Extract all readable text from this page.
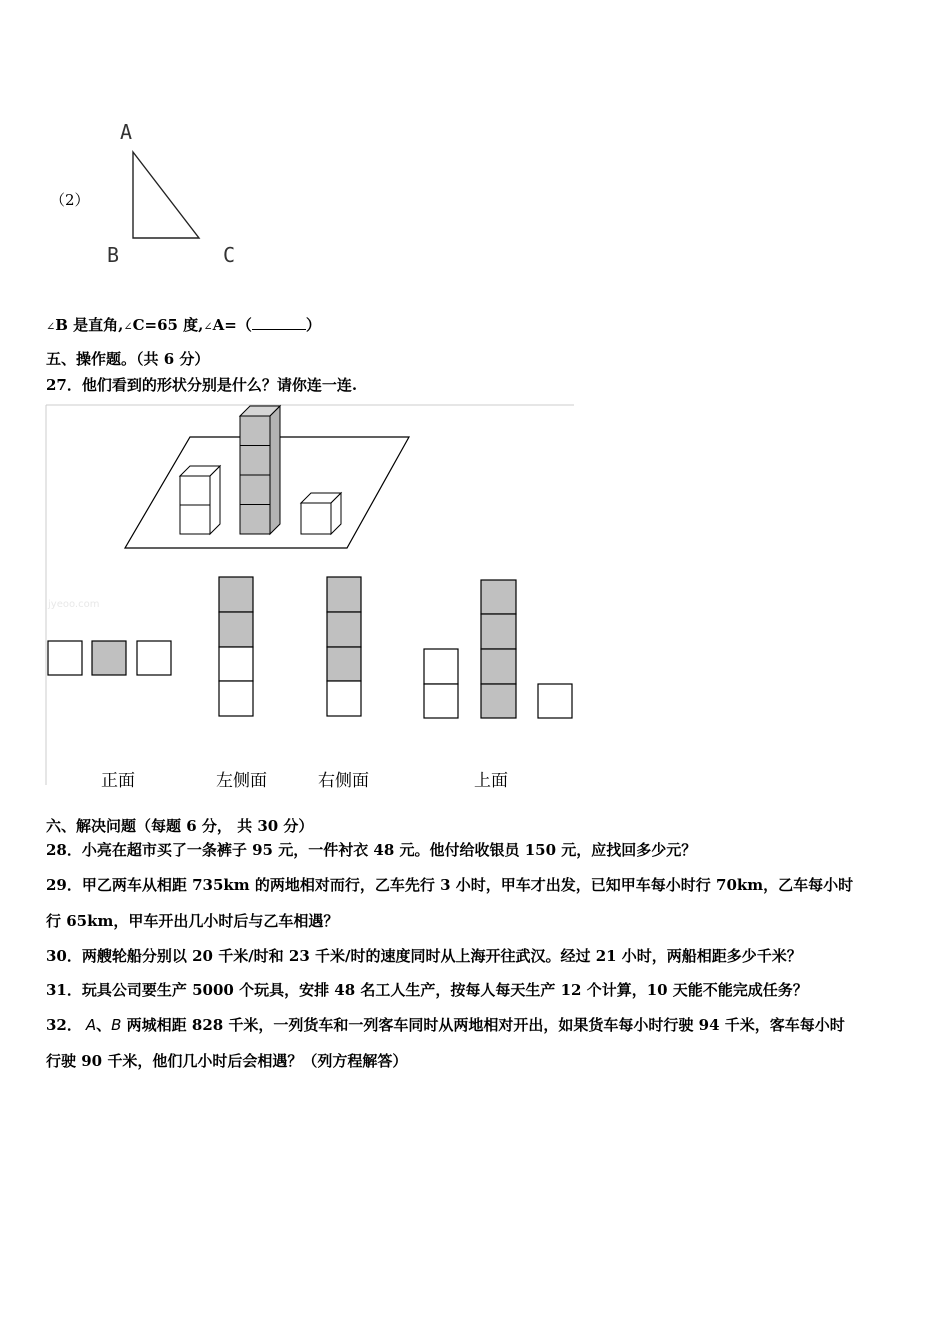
（2）
A
B	C
∠B 是直角,∠C=65 度,∠A=（	）
五、操作题。（共 6 分）
27．他们看到的形状分别是什么？请你连一连.
jyeoo.com
正面	左侧面	右侧面	上面
六、解决问题（每题 6 分， 共 30 分）
28．小亮在超市买了一条裤子 95 元，一件衬衣 48 元。他付给收银员 150 元，应找回多少元？
29．甲乙两车从相距 735km 的两地相对而行，乙车先行 3 小时，甲车才出发，已知甲车每小时行 70km，乙车每小时
行 65km，甲车开出几小时后与乙车相遇？
30．两艘轮船分别以 20 千米/时和 23 千米/时的速度同时从上海开往武汉。经过 21 小时，两船相距多少千米？
31．玩具公司要生产 5000 个玩具，安排 48 名工人生产，按每人每天生产 12 个计算，10 天能不能完成任务？
32． A、B 两城相距 828 千米，一列货车和一列客车同时从两地相对开出，如果货车每小时行驶 94 千米，客车每小时
行驶 90 千米，他们几小时后会相遇？（列方程解答）
